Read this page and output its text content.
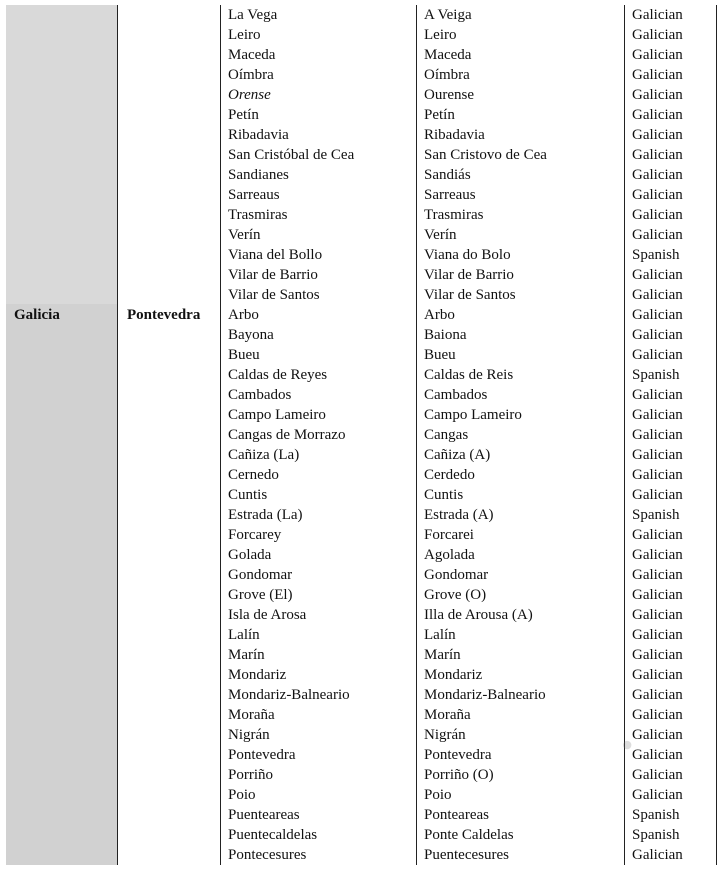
Galicia	Pontevedra
La Vega	A Veiga	Galician
Leiro	Leiro	Galician
Maceda	Maceda	Galician
Oímbra	Oímbra	Galician
Orense	Ourense	Galician
Petín	Petín	Galician
Ribadavia	Ribadavia	Galician
San Cristóbal de Cea	San Cristovo de Cea	Galician
Sandianes	Sandiás	Galician
Sarreaus	Sarreaus	Galician
Trasmiras	Trasmiras	Galician
Verín	Verín	Galician
Viana del Bollo	Viana do Bolo	Spanish
Vilar de Barrio	Vilar de Barrio	Galician
Vilar de Santos	Vilar de Santos	Galician
Arbo	Arbo	Galician
Bayona	Baiona	Galician
Bueu	Bueu	Galician
Caldas de Reyes	Caldas de Reis	Spanish
Cambados	Cambados	Galician
Campo Lameiro	Campo Lameiro	Galician
Cangas de Morrazo	Cangas	Galician
Cañiza (La)	Cañiza (A)	Galician
Cernedo	Cerdedo	Galician
Cuntis	Cuntis	Galician
Estrada (La)	Estrada (A)	Spanish
Forcarey	Forcarei	Galician
Golada	Agolada	Galician
Gondomar	Gondomar	Galician
Grove (El)	Grove (O)	Galician
Isla de Arosa	Illa de Arousa (A)	Galician
Lalín	Lalín	Galician
Marín	Marín	Galician
Mondariz	Mondariz	Galician
Mondariz-Balneario	Mondariz-Balneario	Galician
Moraña	Moraña	Galician
Nigrán	Nigrán	Galician
Pontevedra	Pontevedra	Galician
Porriño	Porriño (O)	Galician
Poio	Poio	Galician
Puenteareas	Ponteareas	Spanish
Puentecaldelas	Ponte Caldelas	Spanish
Pontecesures	Puentecesures	Galician
●
